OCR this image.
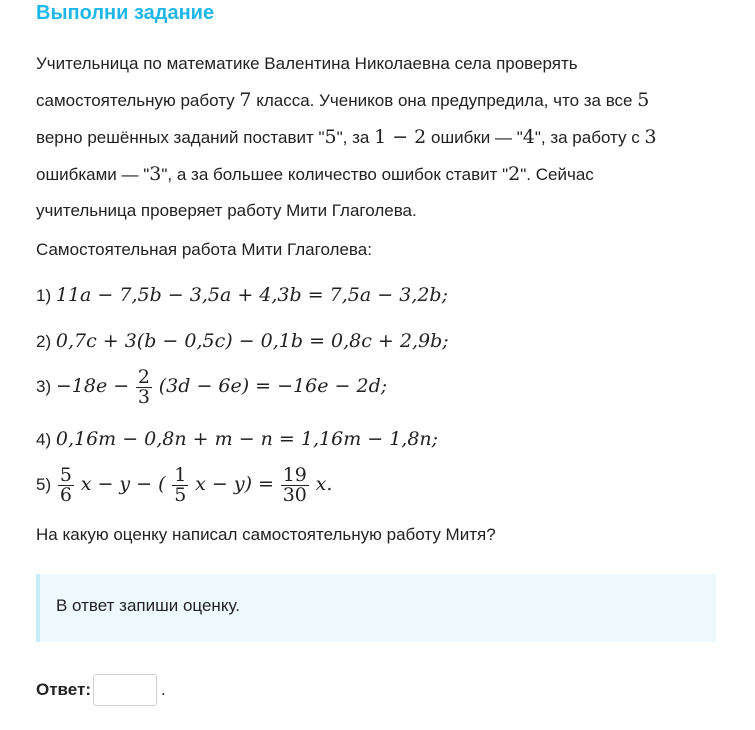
Выполни задание
Учительница по математике Валентина Николаевна села проверять
самостоятельную работу 7 класса. Учеников она предупредила, что за все 5
верно решённых заданий поставит "5", за 1 − 2 ошибки — "4", за работу с 3
ошибками — "3", а за большее количество ошибок ставит "2". Сейчас
учительница проверяет работу Мити Глаголева.
Самостоятельная работа Мити Глаголева:
1) 11a − 7,5b − 3,5a + 4,3b = 7,5a − 3,2b;
2) 0,7c + 3(b − 0,5c) − 0,1b = 0,8c + 2,9b;
$3) -18e - \frac{2}{3} (3d - 6e) = -16e - 2d$;
4) 0,16m − 0,8n + m − n = 1,16m − 1,8n;
$5) \frac{5}{6}$ x − y − ( $\frac{1}{5}$ $x - y) = \frac{19}{30} x$.
На какую оценку написал самостоятельную работу Митя?
В ответ запиши оценку.
Ответ:	.
